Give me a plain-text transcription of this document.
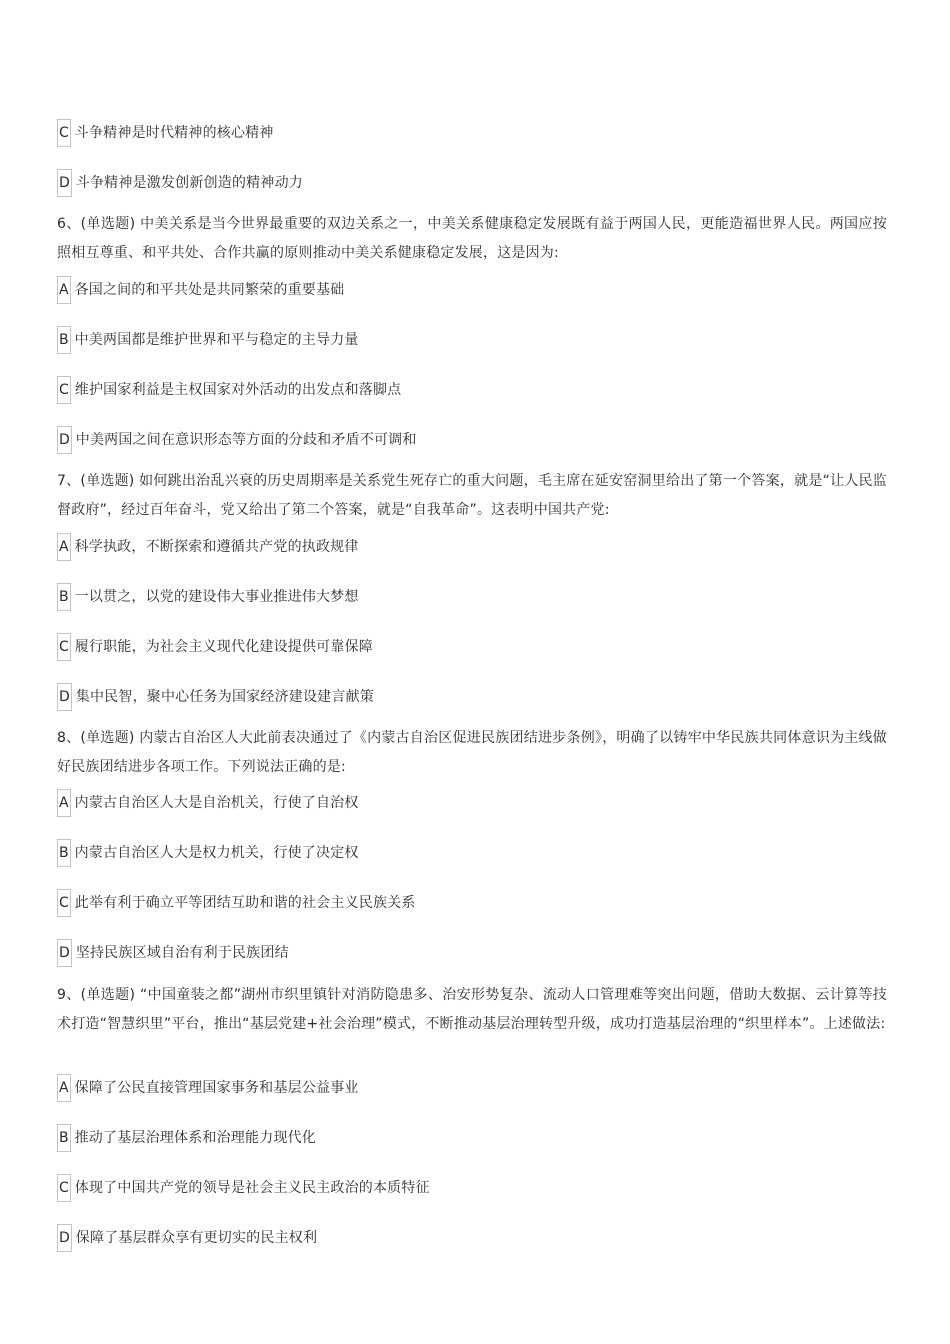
C 斗争精神是时代精神的核心精神
D 斗争精神是激发创新创造的精神动力
6、(单选题) 中美关系是当今世界最重要的双边关系之一，中美关系健康稳定发展既有益于两国人民，更能造福世界人民。两国应按照相互尊重、和平共处、合作共赢的原则推动中美关系健康稳定发展，这是因为:
A 各国之间的和平共处是共同繁荣的重要基础
B 中美两国都是维护世界和平与稳定的主导力量
C 维护国家利益是主权国家对外活动的出发点和落脚点
D 中美两国之间在意识形态等方面的分歧和矛盾不可调和
7、(单选题) 如何跳出治乱兴衰的历史周期率是关系党生死存亡的重大问题，毛主席在延安窑洞里给出了第一个答案，就是“让人民监督政府”，经过百年奋斗，党又给出了第二个答案，就是“自我革命”。这表明中国共产党:
A 科学执政，不断探索和遵循共产党的执政规律
B 一以贯之，以党的建设伟大事业推进伟大梦想
C 履行职能，为社会主义现代化建设提供可靠保障
D 集中民智，聚中心任务为国家经济建设建言献策
8、(单选题) 内蒙古自治区人大此前表决通过了《内蒙古自治区促进民族团结进步条例》，明确了以铸牢中华民族共同体意识为主线做好民族团结进步各项工作。下列说法正确的是:
A 内蒙古自治区人大是自治机关，行使了自治权
B 内蒙古自治区人大是权力机关，行使了决定权
C 此举有利于确立平等团结互助和谐的社会主义民族关系
D 坚持民族区域自治有利于民族团结
9、(单选题) “中国童装之都”湖州市织里镇针对消防隐患多、治安形势复杂、流动人口管理难等突出问题，借助大数据、云计算等技术打造“智慧织里”平台，推出“基层党建+社会治理”模式，不断推动基层治理转型升级，成功打造基层治理的“织里样本”。上述做法:
A 保障了公民直接管理国家事务和基层公益事业
B 推动了基层治理体系和治理能力现代化
C 体现了中国共产党的领导是社会主义民主政治的本质特征
D 保障了基层群众享有更切实的民主权利
